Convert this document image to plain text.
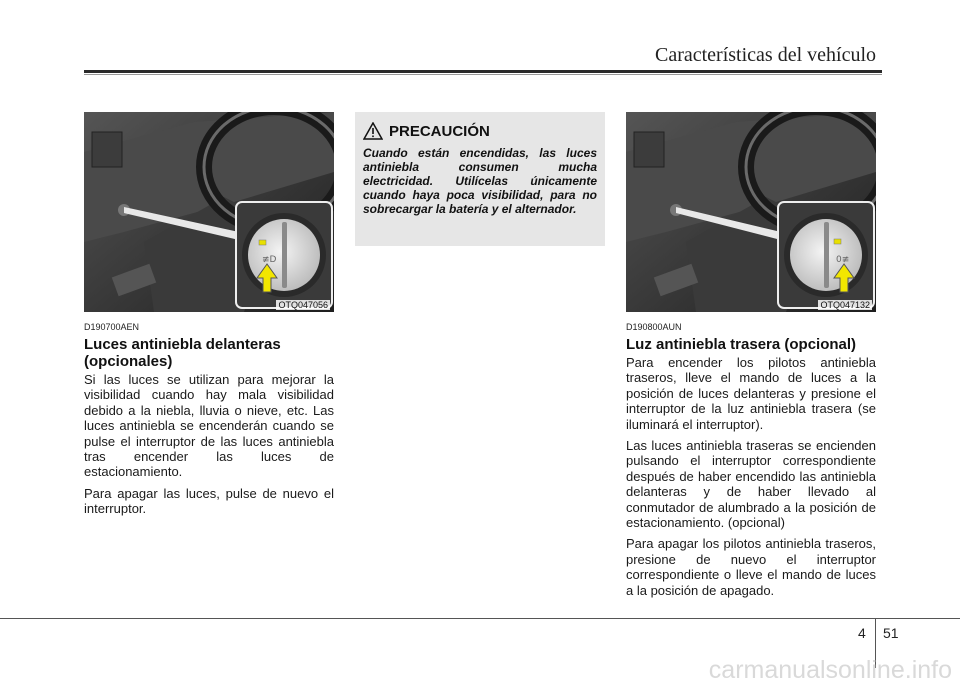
Características del vehículo
≢D
OTQ047056
D190700AEN
Luces antiniebla delanteras (opcionales)

Si las luces se utilizan para mejorar la visibilidad cuando hay mala visibilidad debido a la niebla, lluvia o nieve, etc. Las luces antiniebla se encenderán cuando se pulse el interruptor de las luces antiniebla tras encender las luces de estacionamiento.

Para apagar las luces, pulse de nuevo el interruptor.

PRECAUCIÓN
Cuando están encendidas, las luces antiniebla consumen mucha electricidad. Utilícelas únicamente cuando haya poca visibilidad, para no sobrecargar la batería y el alternador.
0≢
OTQ047132
D190800AUN
Luz antiniebla trasera (opcional)

Para encender los pilotos antiniebla traseros, lleve el mando de luces a la posición de luces delanteras y presione el interruptor de la luz antiniebla trasera (se iluminará el interruptor).

Las luces antiniebla traseras se encienden pulsando el interruptor correspondiente después de haber encendido las antiniebla delanteras y de haber llevado al conmutador de alumbrado a la posición de estacionamiento. (opcional)

Para apagar los pilotos antiniebla traseros, presione de nuevo el interruptor correspondiente o lleve el mando de luces a la posición de apagado.

4 51
carmanualsonline.info
